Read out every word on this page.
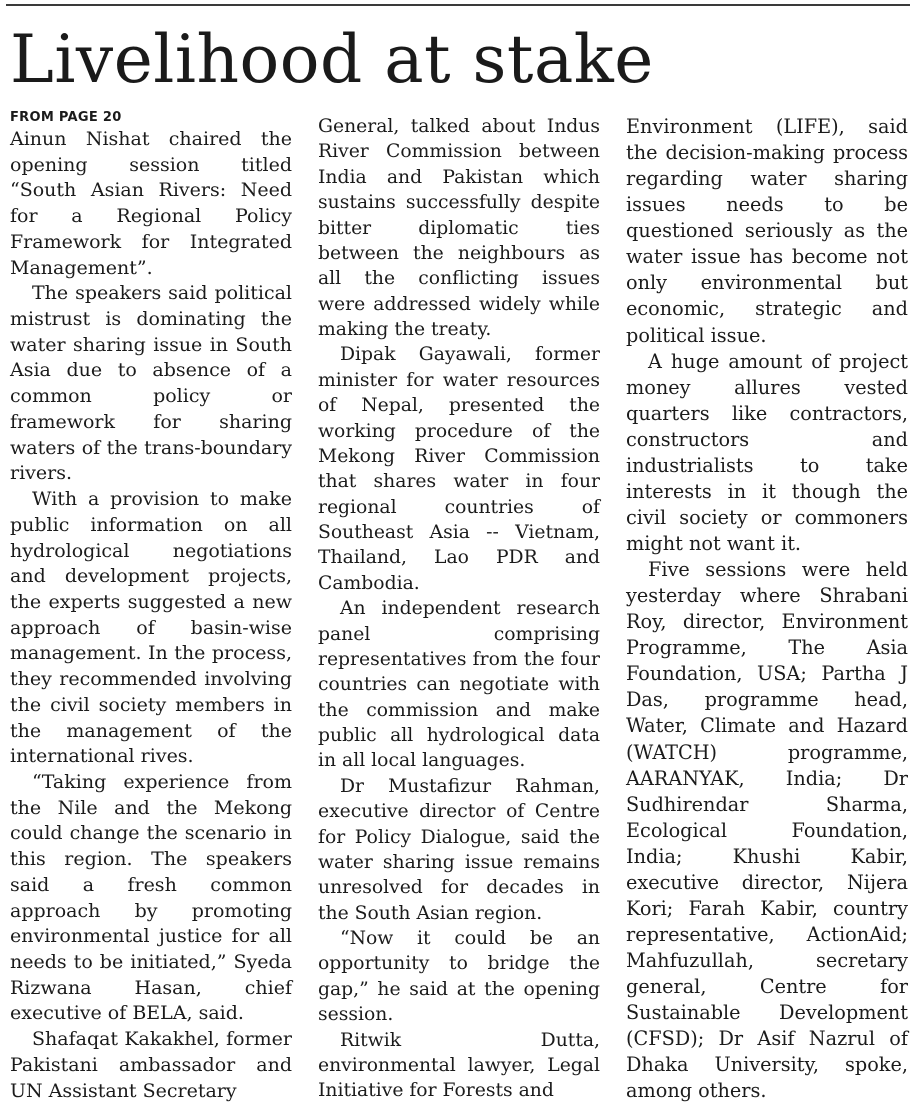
Livelihood at stake
FROM PAGE 20

Ainun Nishat chaired the opening session titled “South Asian Rivers: Need for a Regional Policy Framework for Integrated Management”.

The speakers said political mistrust is dominating the water sharing issue in South Asia due to absence of a common policy or framework for sharing waters of the trans-boundary rivers.

With a provision to make public information on all hydrological negotiations and development projects, the experts suggested a new approach of basin-wise management. In the process, they recommended involving the civil society members in the management of the international rives.

“Taking experience from the Nile and the Mekong could change the scenario in this region. The speakers said a fresh common approach by promoting environmental justice for all needs to be initiated,” Syeda Rizwana Hasan, chief executive of BELA, said.

Shafaqat Kakakhel, former Pakistani ambassador and UN Assistant Secretary

General, talked about Indus River Commission between India and Pakistan which sustains successfully despite bitter diplomatic ties between the neighbours as all the conflicting issues were addressed widely while making the treaty.

Dipak Gayawali, former minister for water resources of Nepal, presented the working procedure of the Mekong River Commission that shares water in four regional countries of Southeast Asia -- Vietnam, Thailand, Lao PDR and Cambodia.

An independent research panel comprising representatives from the four countries can negotiate with the commission and make public all hydrological data in all local languages.

Dr Mustafizur Rahman, executive director of Centre for Policy Dialogue, said the water sharing issue remains unresolved for decades in the South Asian region.

“Now it could be an opportunity to bridge the gap,” he said at the opening session.

Ritwik Dutta, environmental lawyer, Legal Initiative for Forests and

Environment (LIFE), said the decision-making process regarding water sharing issues needs to be questioned seriously as the water issue has become not only environmental but economic, strategic and political issue.

A huge amount of project money allures vested quarters like contractors, constructors and industrialists to take interests in it though the civil society or commoners might not want it.

Five sessions were held yesterday where Shrabani Roy, director, Environment Programme, The Asia Foundation, USA; Partha J Das, programme head, Water, Climate and Hazard (WATCH) programme, AARANYAK, India; Dr Sudhirendar Sharma, Ecological Foundation, India; Khushi Kabir, executive director, Nijera Kori; Farah Kabir, country representative, ActionAid; Mahfuzullah, secretary general, Centre for Sustainable Development (CFSD); Dr Asif Nazrul of Dhaka University, spoke, among others.
